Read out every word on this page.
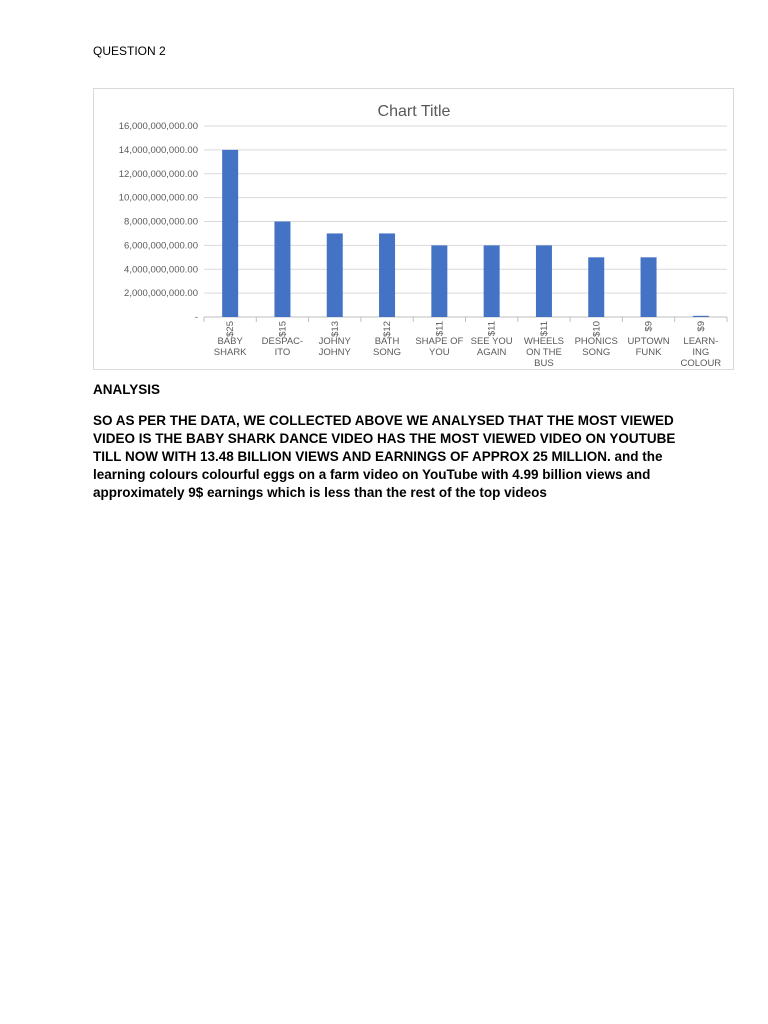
QUESTION 2
Chart Title
-
2,000,000,000.00
4,000,000,000.00
6,000,000,000.00
8,000,000,000.00
10,000,000,000.00
12,000,000,000.00
14,000,000,000.00
16,000,000,000.00
$25
BABY SHARK
$15
DESPAC-ITO
$13
JOHNY JOHNY
$12
BATH SONG
$11
SHAPE OF YOU
$11
SEE YOU AGAIN
$11
WHEELS ON THE BUS
$10
PHONICS SONG
$9
UPTOWN FUNK
$9
LEARN-ING COLOUR
ANALYSIS
SO AS PER THE DATA, WE COLLECTED ABOVE WE ANALYSED THAT THE MOST VIEWED VIDEO IS THE BABY SHARK DANCE VIDEO HAS THE MOST VIEWED VIDEO ON YOUTUBE TILL NOW WITH 13.48 BILLION VIEWS AND EARNINGS OF APPROX 25 MILLION. and the learning colours colourful eggs on a farm video on YouTube with 4.99 billion views and approximately 9$ earnings which is less than the rest of the top videos
